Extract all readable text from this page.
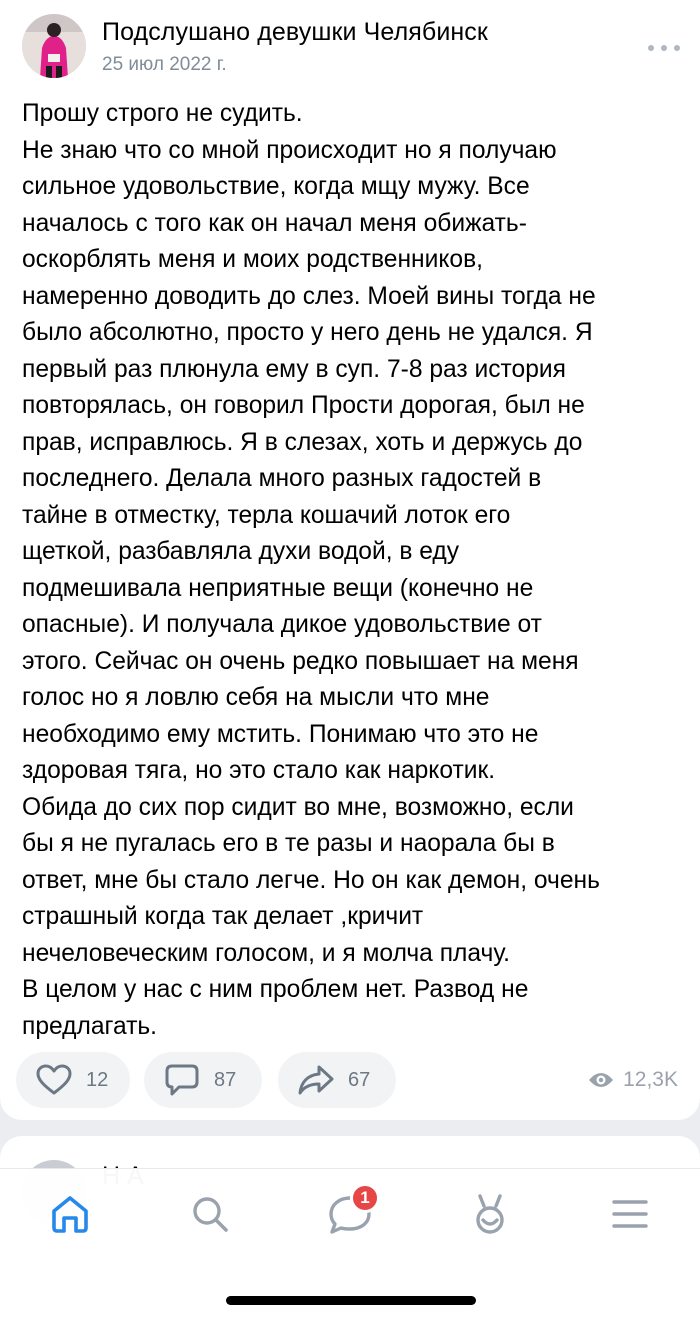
Подслушано девушки Челябинск
25 июл 2022 г.
Прошу строго не судить.
Не знаю что со мной происходит но я получаю
сильное удовольствие, когда мщу мужу. Все
началось с того как он начал меня обижать-
оскорблять меня и моих родственников,
намеренно доводить до слез. Моей вины тогда не
было абсолютно, просто у него день не удался. Я
первый раз плюнула ему в суп. 7-8 раз история
повторялась, он говорил Прости дорогая, был не
прав, исправлюсь. Я в слезах, хоть и держусь до
последнего. Делала много разных гадостей в
тайне в отместку, терла кошачий лоток его
щеткой, разбавляла духи водой, в еду
подмешивала неприятные вещи (конечно не
опасные). И получала дикое удовольствие от
этого. Сейчас он очень редко повышает на меня
голос но я ловлю себя на мысли что мне
необходимо ему мстить. Понимаю что это не
здоровая тяга, но это стало как наркотик.
Обида до сих пор сидит во мне, возможно, если
бы я не пугалась его в те разы и наорала бы в
ответ, мне бы стало легче. Но он как демон, очень
страшный когда так делает ,кричит
нечеловеческим голосом, и я молча плачу.
В целом у нас с ним проблем нет. Развод не
предлагать.
12	87	67	12,3K
1
